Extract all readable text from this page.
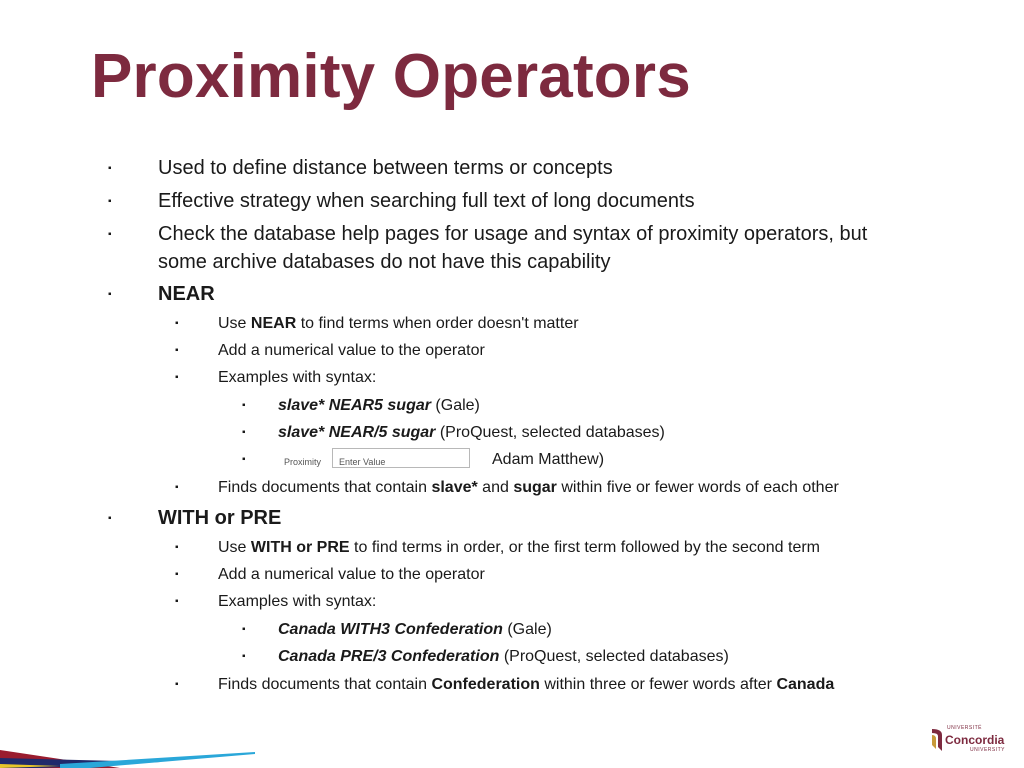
Proximity Operators
▪ Used to define distance between terms or concepts
▪ Effective strategy when searching full text of long documents
▪ Check the database help pages for usage and syntax of proximity operators, but
some archive databases do not have this capability
▪ NEAR
▪ Use NEAR to find terms when order doesn't matter
▪ Add a numerical value to the operator
▪ Examples with syntax:
▪ slave* NEAR5 sugar (Gale)
▪ slave* NEAR/5 sugar (ProQuest, selected databases)
▪	Proximity	Enter Value	Adam Matthew)
▪ Finds documents that contain slave* and sugar within five or fewer words of each other
▪ WITH or PRE
▪ Use WITH or PRE to find terms in order, or the first term followed by the second term
▪ Add a numerical value to the operator
▪ Examples with syntax:
▪ Canada WITH3 Confederation (Gale)
▪ Canada PRE/3 Confederation (ProQuest, selected databases)
▪ Finds documents that contain Confederation within three or fewer words after Canada
UNIVERSITÉ
Concordia
UNIVERSITY
